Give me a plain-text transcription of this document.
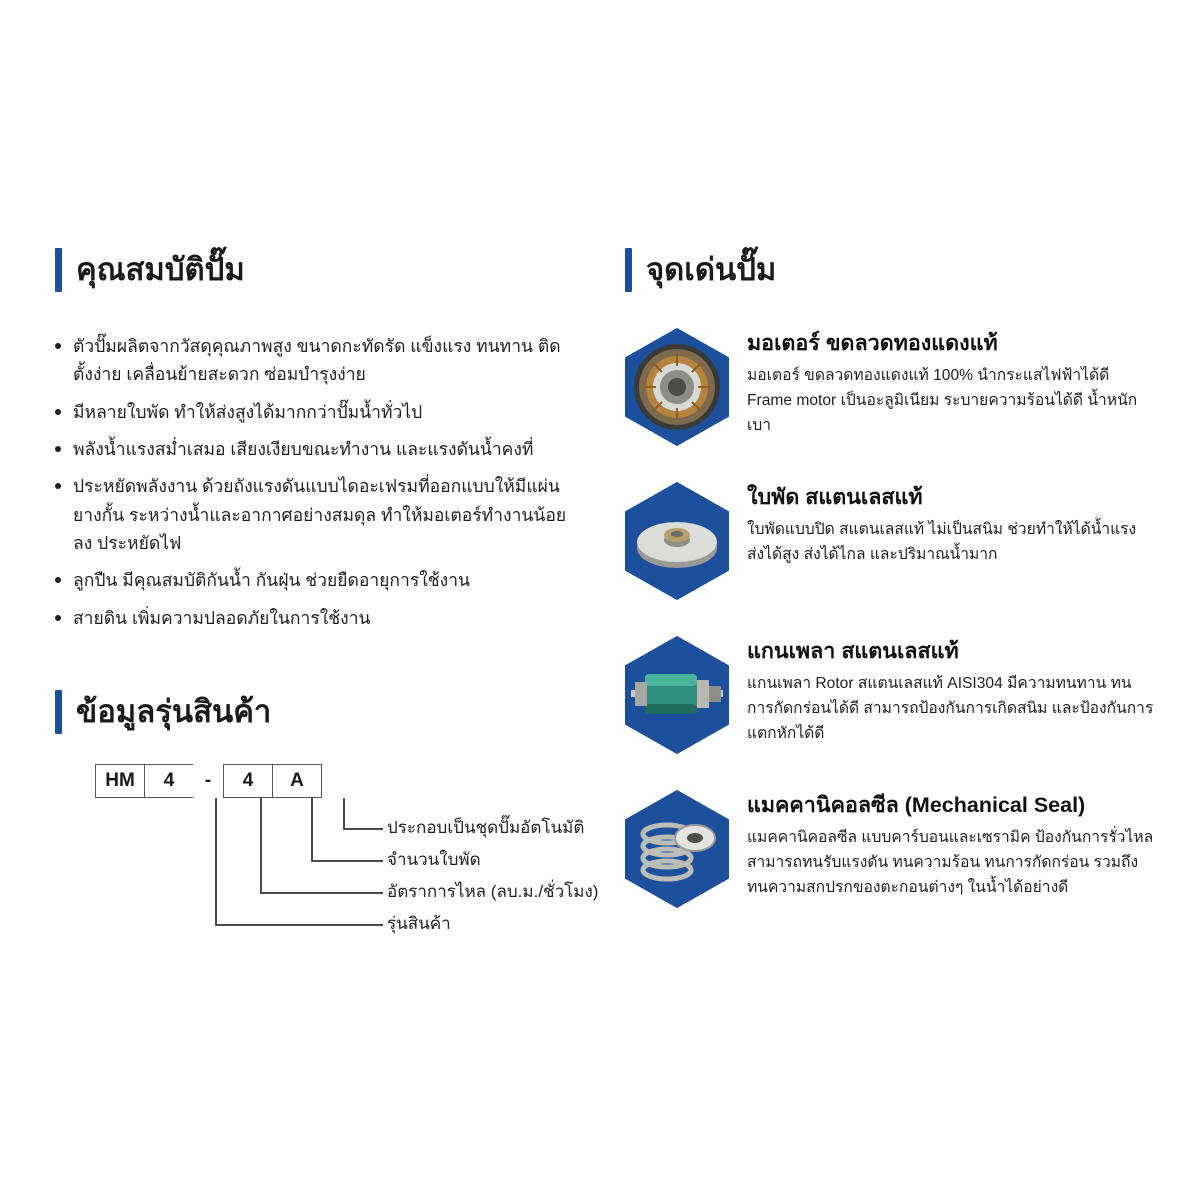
คุณสมบัติปั๊ม
ตัวปั๊มผลิตจากวัสดุคุณภาพสูง ขนาดกะทัดรัด แข็งแรง ทนทาน ติดตั้งง่าย เคลื่อนย้ายสะดวก ซ่อมบำรุงง่าย
มีหลายใบพัด ทำให้ส่งสูงได้มากกว่าปั๊มน้ำทั่วไป
พลังน้ำแรงสม่ำเสมอ เสียงเงียบขณะทำงาน และแรงดันน้ำคงที่
ประหยัดพลังงาน ด้วยถังแรงดันแบบไดอะเฟรมที่ออกแบบให้มีแผ่นยางกั้น ระหว่างน้ำและอากาศอย่างสมดุล ทำให้มอเตอร์ทำงานน้อยลง ประหยัดไฟ
ลูกปืน มีคุณสมบัติกันน้ำ กันฝุ่น ช่วยยืดอายุการใช้งาน
สายดิน เพิ่มความปลอดภัยในการใช้งาน
ข้อมูลรุ่นสินค้า
HM	4	-	4	A
ประกอบเป็นชุดปั๊มอัตโนมัติ
จำนวนใบพัด
อัตราการไหล (ลบ.ม./ชั่วโมง)
รุ่นสินค้า
จุดเด่นปั๊ม
มอเตอร์ ขดลวดทองแดงแท้
มอเตอร์ ขดลวดทองแดงแท้ 100% นำกระแสไฟฟ้าได้ดี Frame motor เป็นอะลูมิเนียม ระบายความร้อนได้ดี น้ำหนักเบา
ใบพัด สแตนเลสแท้
ใบพัดแบบปิด สแตนเลสแท้ ไม่เป็นสนิม ช่วยทำให้ได้น้ำแรง ส่งได้สูง ส่งได้ไกล และปริมาณน้ำมาก
แกนเพลา สแตนเลสแท้
แกนเพลา Rotor สแตนเลสแท้ AISI304 มีความทนทาน ทนการกัดกร่อนได้ดี สามารถป้องกันการเกิดสนิม และป้องกันการแตกหักได้ดี
แมคคานิคอลซีล (Mechanical Seal)
แมคคานิคอลซีล แบบคาร์บอนและเซรามิค ป้องกันการรั่วไหล สามารถทนรับแรงดัน ทนความร้อน ทนการกัดกร่อน รวมถึงทนความสกปรกของตะกอนต่างๆ ในน้ำได้อย่างดี
